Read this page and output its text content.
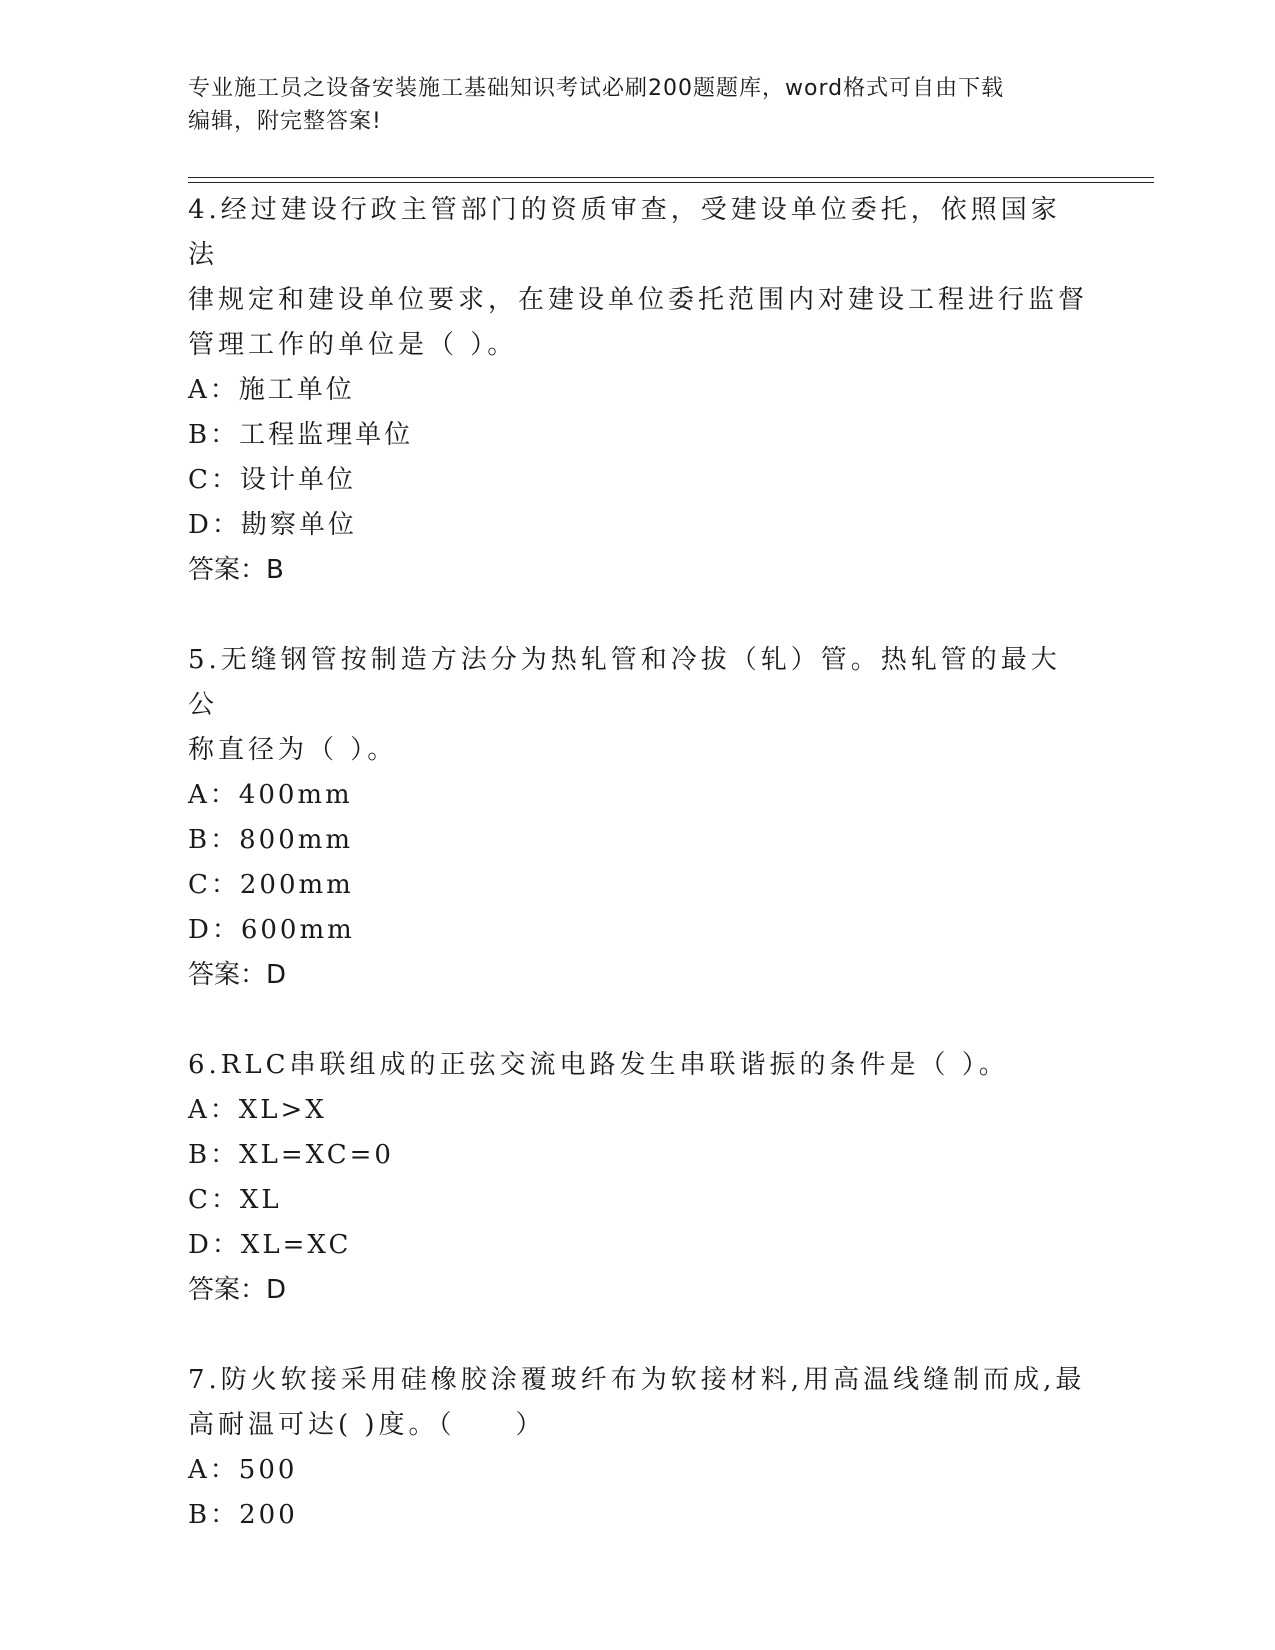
专业施工员之设备安装施工基础知识考试必刷200题题库，word格式可自由下载
编辑，附完整答案!

4.经过建设行政主管部门的资质审查，受建设单位委托，依照国家法

律规定和建设单位要求，在建设单位委托范围内对建设工程进行监督

管理工作的单位是（ ）。

A：施工单位

B：工程监理单位

C：设计单位

D：勘察单位

答案：B

5.无缝钢管按制造方法分为热轧管和冷拔（轧）管。热轧管的最大公

称直径为（ ）。

A：400mm

B：800mm

C：200mm

D：600mm

答案：D

6.RLC串联组成的正弦交流电路发生串联谐振的条件是（ ）。

A：XL>X

B：XL=XC=0

C：XL

D：XL=XC

答案：D

7.防火软接采用硅橡胶涂覆玻纤布为软接材料,用高温线缝制而成,最

高耐温可达( )度。（　　）

A：500

B：200
